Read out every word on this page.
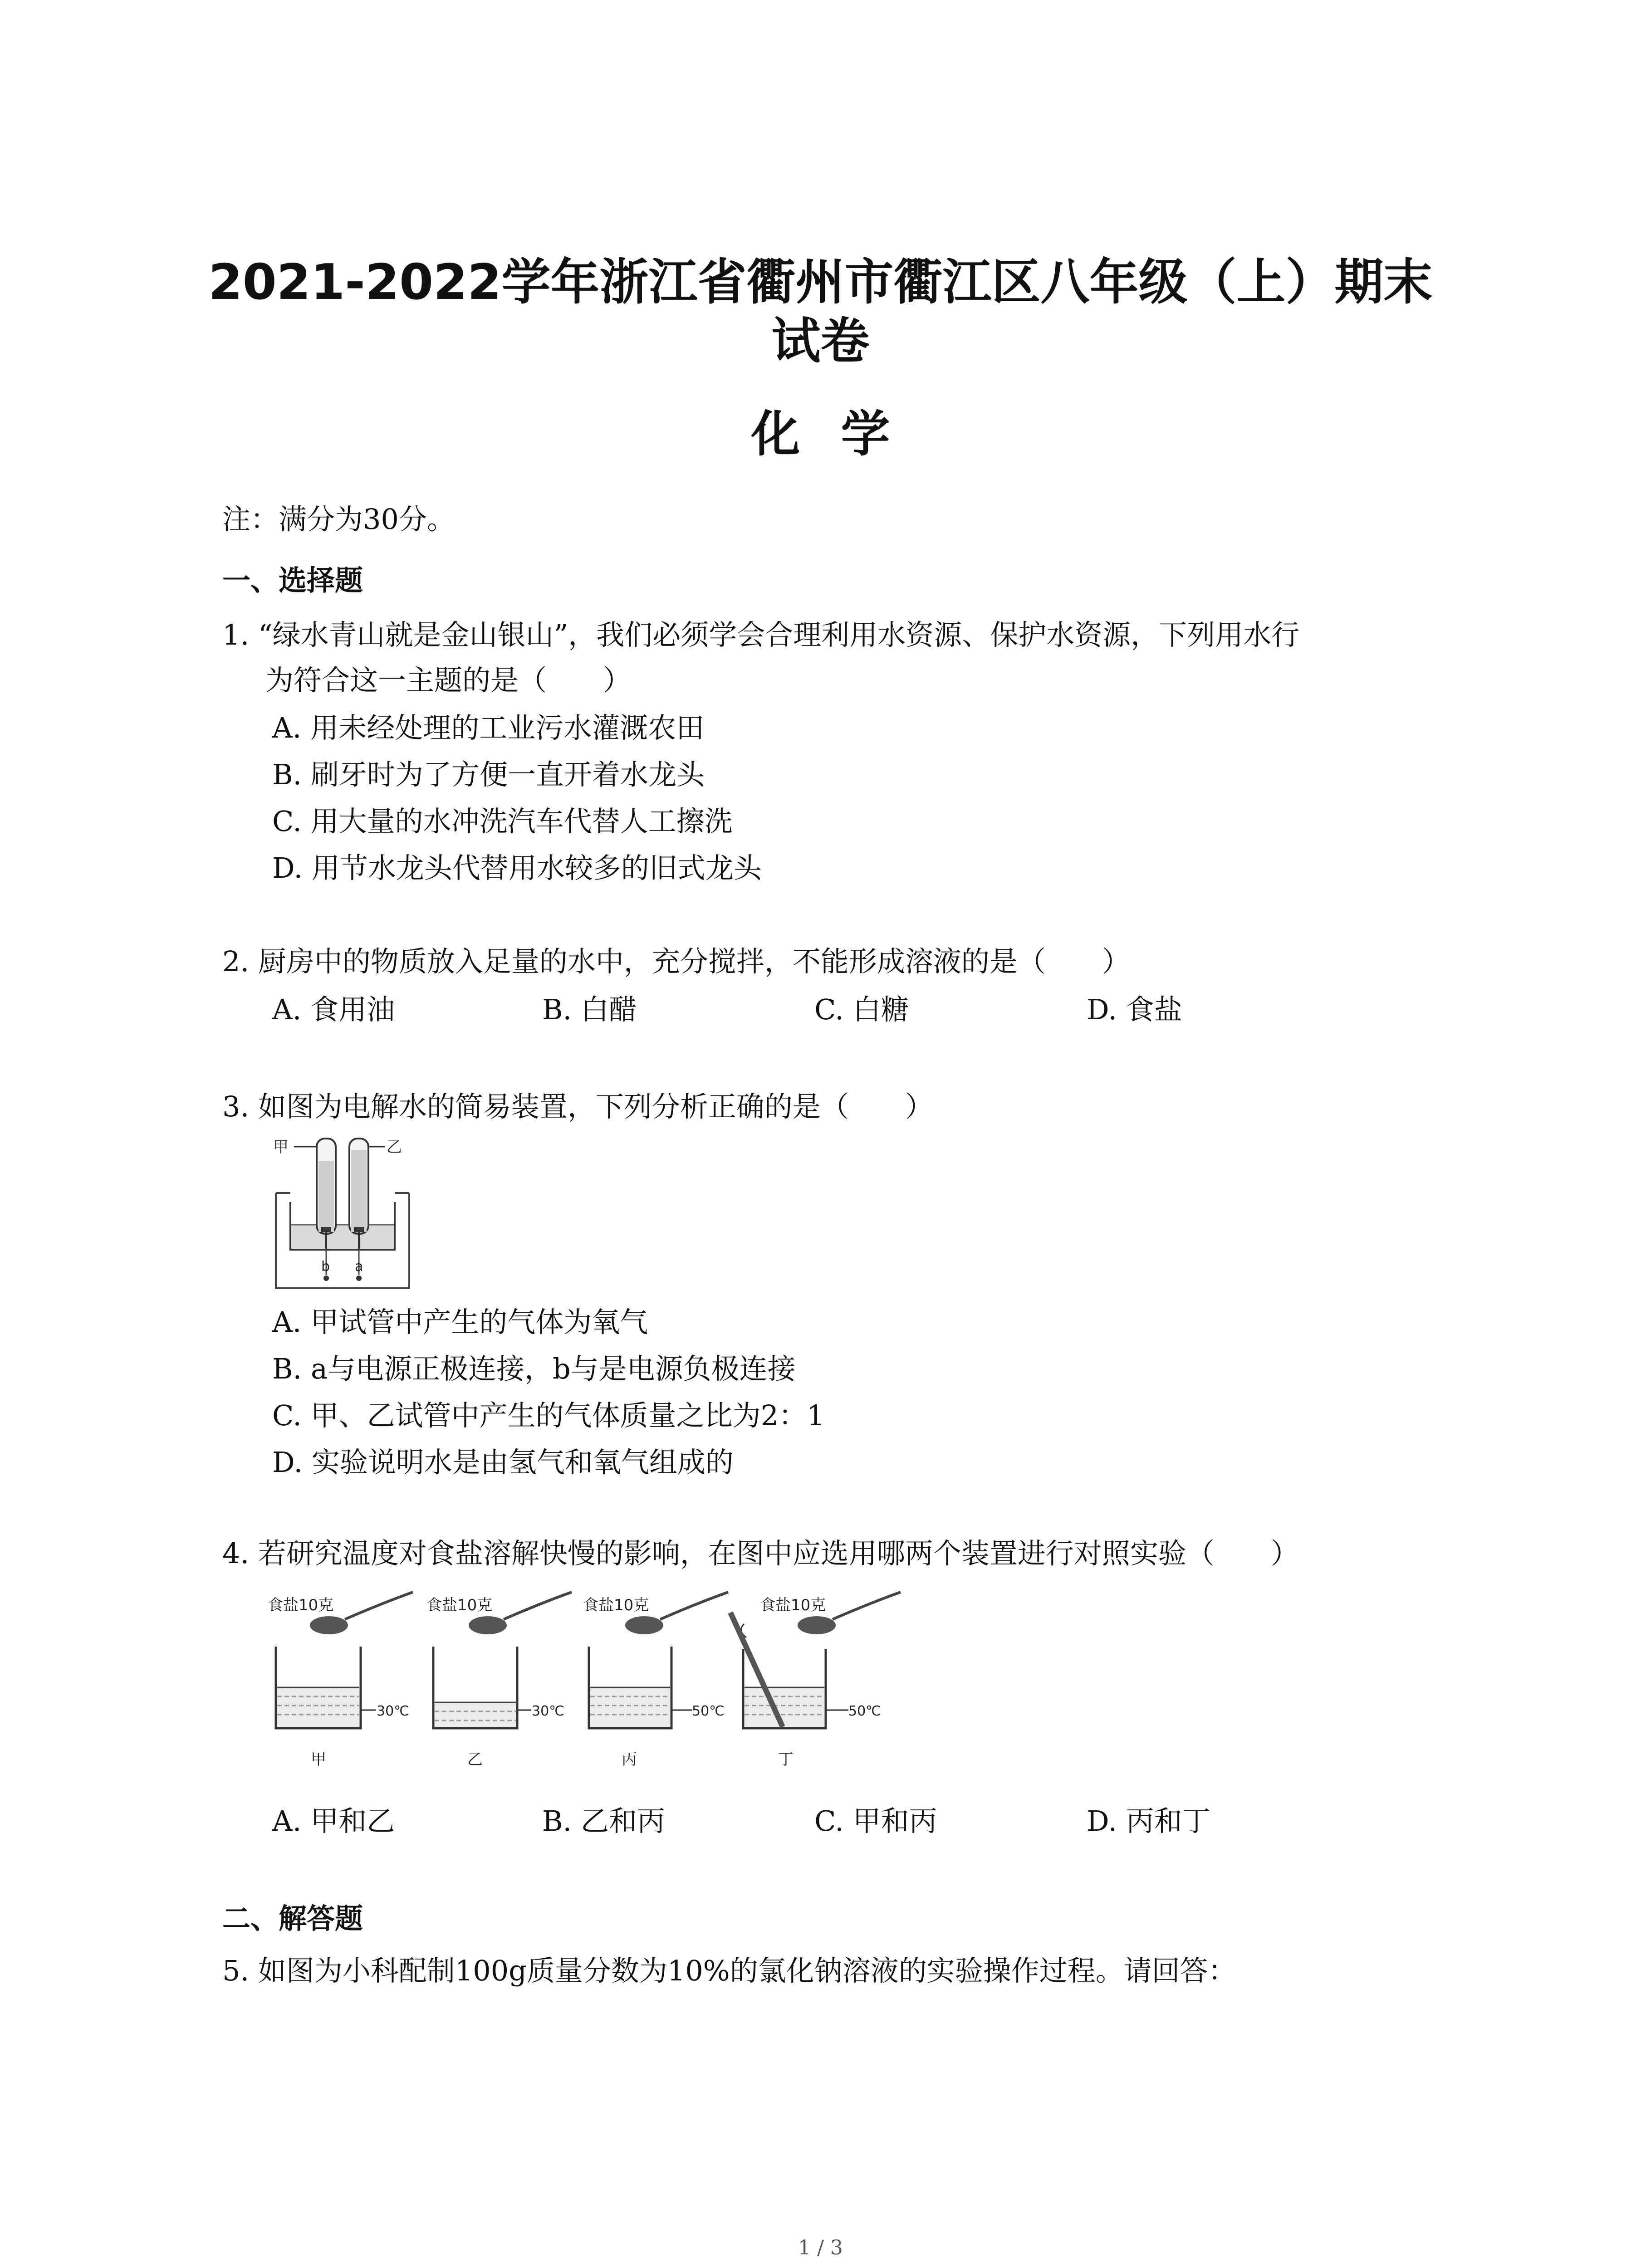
2021-2022学年浙江省衢州市衢江区八年级（上）期末
试卷
化学
注：满分为30分。
一、选择题
1. “绿水青山就是金山银山”，我们必须学会合理利用水资源、保护水资源，下列用水行
为符合这一主题的是（　　）
A. 用未经处理的工业污水灌溉农田
B. 刷牙时为了方便一直开着水龙头
C. 用大量的水冲洗汽车代替人工擦洗
D. 用节水龙头代替用水较多的旧式龙头
2. 厨房中的物质放入足量的水中，充分搅拌，不能形成溶液的是（　　）
A. 食用油	B. 白醋	C. 白糖	D. 食盐
3. 如图为电解水的简易装置，下列分析正确的是（　　）
甲	乙
b a
A. 甲试管中产生的气体为氧气
B. a与电源正极连接，b与是电源负极连接
C. 甲、乙试管中产生的气体质量之比为2：1
D. 实验说明水是由氢气和氧气组成的
4. 若研究温度对食盐溶解快慢的影响，在图中应选用哪两个装置进行对照实验（　　）
食盐10克
30℃
甲
食盐10克
30℃
乙
食盐10克
50℃
丙
食盐10克
50℃
丁
A. 甲和乙	B. 乙和丙	C. 甲和丙	D. 丙和丁
二、解答题
5. 如图为小科配制100g质量分数为10%的氯化钠溶液的实验操作过程。请回答：
1 / 3
